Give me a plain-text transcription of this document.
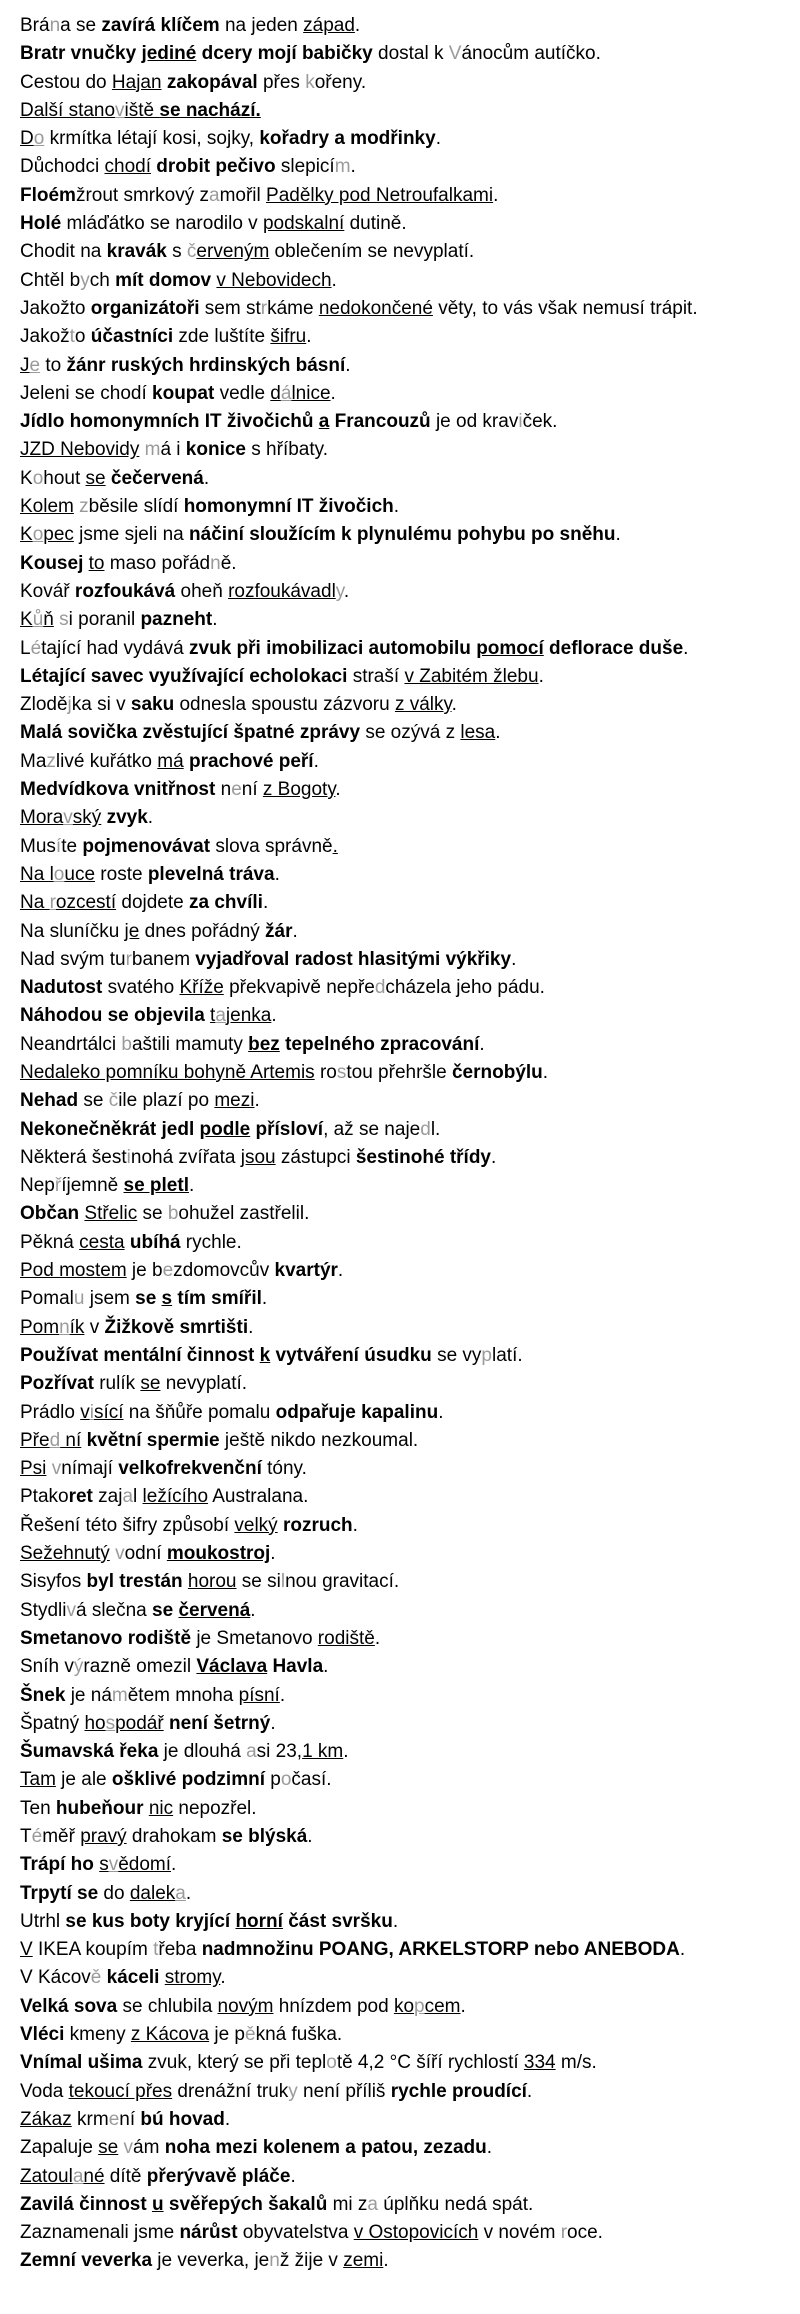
Brána se zavírá klíčem na jeden západ.
Bratr vnučky jediné dcery mojí babičky dostal k Vánocům autíčko.
Cestou do Hajan zakopával přes kořeny.
Další stanoviště se nachází.
Do krmítka létají kosi, sojky, kořadry a modřinky.
Důchodci chodí drobit pečivo slepicím.
Floémžrout smrkový zamořil Padělky pod Netroufalkami.
Holé mláďátko se narodilo v podskalní dutině.
Chodit na kravák s červeným oblečením se nevyplatí.
Chtěl bych mít domov v Nebovidech.
Jakožto organizátoři sem strkáme nedokončené věty, to vás však nemusí trápit.
Jakožto účastníci zde luštíte šifru.
Je to žánr ruských hrdinských básní.
Jeleni se chodí koupat vedle dálnice.
Jídlo homonymních IT živočichů a Francouzů je od kraviček.
JZD Nebovidy má i konice s hříbaty.
Kohout se čečervená.
Kolem zběsile slídí homonymní IT živočich.
Kopec jsme sjeli na náčiní sloužícím k plynulému pohybu po sněhu.
Kousej to maso pořádně.
Kovář rozfoukává oheň rozfoukávadly.
Kůň si poranil pazneht.
Létající had vydává zvuk při imobilizaci automobilu pomocí deflorace duše.
Létající savec využívající echolokaci straší v Zabitém žlebu.
Zlodějka si v saku odnesla spoustu zázvoru z války.
Malá sovička zvěstující špatné zprávy se ozývá z lesa.
Mazlivé kuřátko má prachové peří.
Medvídkova vnitřnost není z Bogoty.
Moravský zvyk.
Musíte pojmenovávat slova správně.
Na louce roste plevelná tráva.
Na rozcestí dojdete za chvíli.
Na sluníčku je dnes pořádný žár.
Nad svým turbanem vyjadřoval radost hlasitými výkřiky.
Nadutost svatého Kříže překvapivě nepředcházela jeho pádu.
Náhodou se objevila tajenka.
Neandrtálci baštili mamuty bez tepelného zpracování.
Nedaleko pomníku bohyně Artemis rostou přehršle černobýlu.
Nehad se čile plazí po mezi.
Nekonečněkrát jedl podle přísloví, až se najedl.
Některá šestinohá zvířata jsou zástupci šestinohé třídy.
Nepříjemně se pletl.
Občan Střelic se bohužel zastřelil.
Pěkná cesta ubíhá rychle.
Pod mostem je bezdomovcův kvartýr.
Pomalu jsem se s tím smířil.
Pomník v Žižkově smrtišti.
Používat mentální činnost k vytváření úsudku se vyplatí.
Pozřívat rulík se nevyplatí.
Prádlo visící na šňůře pomalu odpařuje kapalinu.
Před ní květní spermie ještě nikdo nezkoumal.
Psi vnímají velkofrekvenční tóny.
Ptakoret zajal ležícího Australana.
Řešení této šifry způsobí velký rozruch.
Sežehnutý vodní moukostroj.
Sisyfos byl trestán horou se silnou gravitací.
Stydlivá slečna se červená.
Smetanovo rodiště je Smetanovo rodiště.
Sníh výrazně omezil Václava Havla.
Šnek je námětem mnoha písní.
Špatný hospodář není šetrný.
Šumavská řeka je dlouhá asi 23,1 km.
Tam je ale ošklivé podzimní počasí.
Ten hubeňour nic nepozřel.
Téměř pravý drahokam se blýská.
Trápí ho svědomí.
Trpytí se do daleka.
Utrhl se kus boty kryjící horní část svršku.
V IKEA koupím třeba nadmnožinu POANG, ARKELSTORP nebo ANEBODA.
V Kácově káceli stromy.
Velká sova se chlubila novým hnízdem pod kopcem.
Vléci kmeny z Kácova je pěkná fuška.
Vnímal ušima zvuk, který se při teplotě 4,2 °C šíří rychlostí 334 m/s.
Voda tekoucí přes drenážní truky není příliš rychle proudící.
Zákaz krmení bú hovad.
Zapaluje se vám noha mezi kolenem a patou, zezadu.
Zatoulané dítě přerývavě pláče.
Zavilá činnost u svěřepých šakalů mi za úplňku nedá spát.
Zaznamenali jsme nárůst obyvatelstva v Ostopovicích v novém roce.
Zemní veverka je veverka, jenž žije v zemi.
